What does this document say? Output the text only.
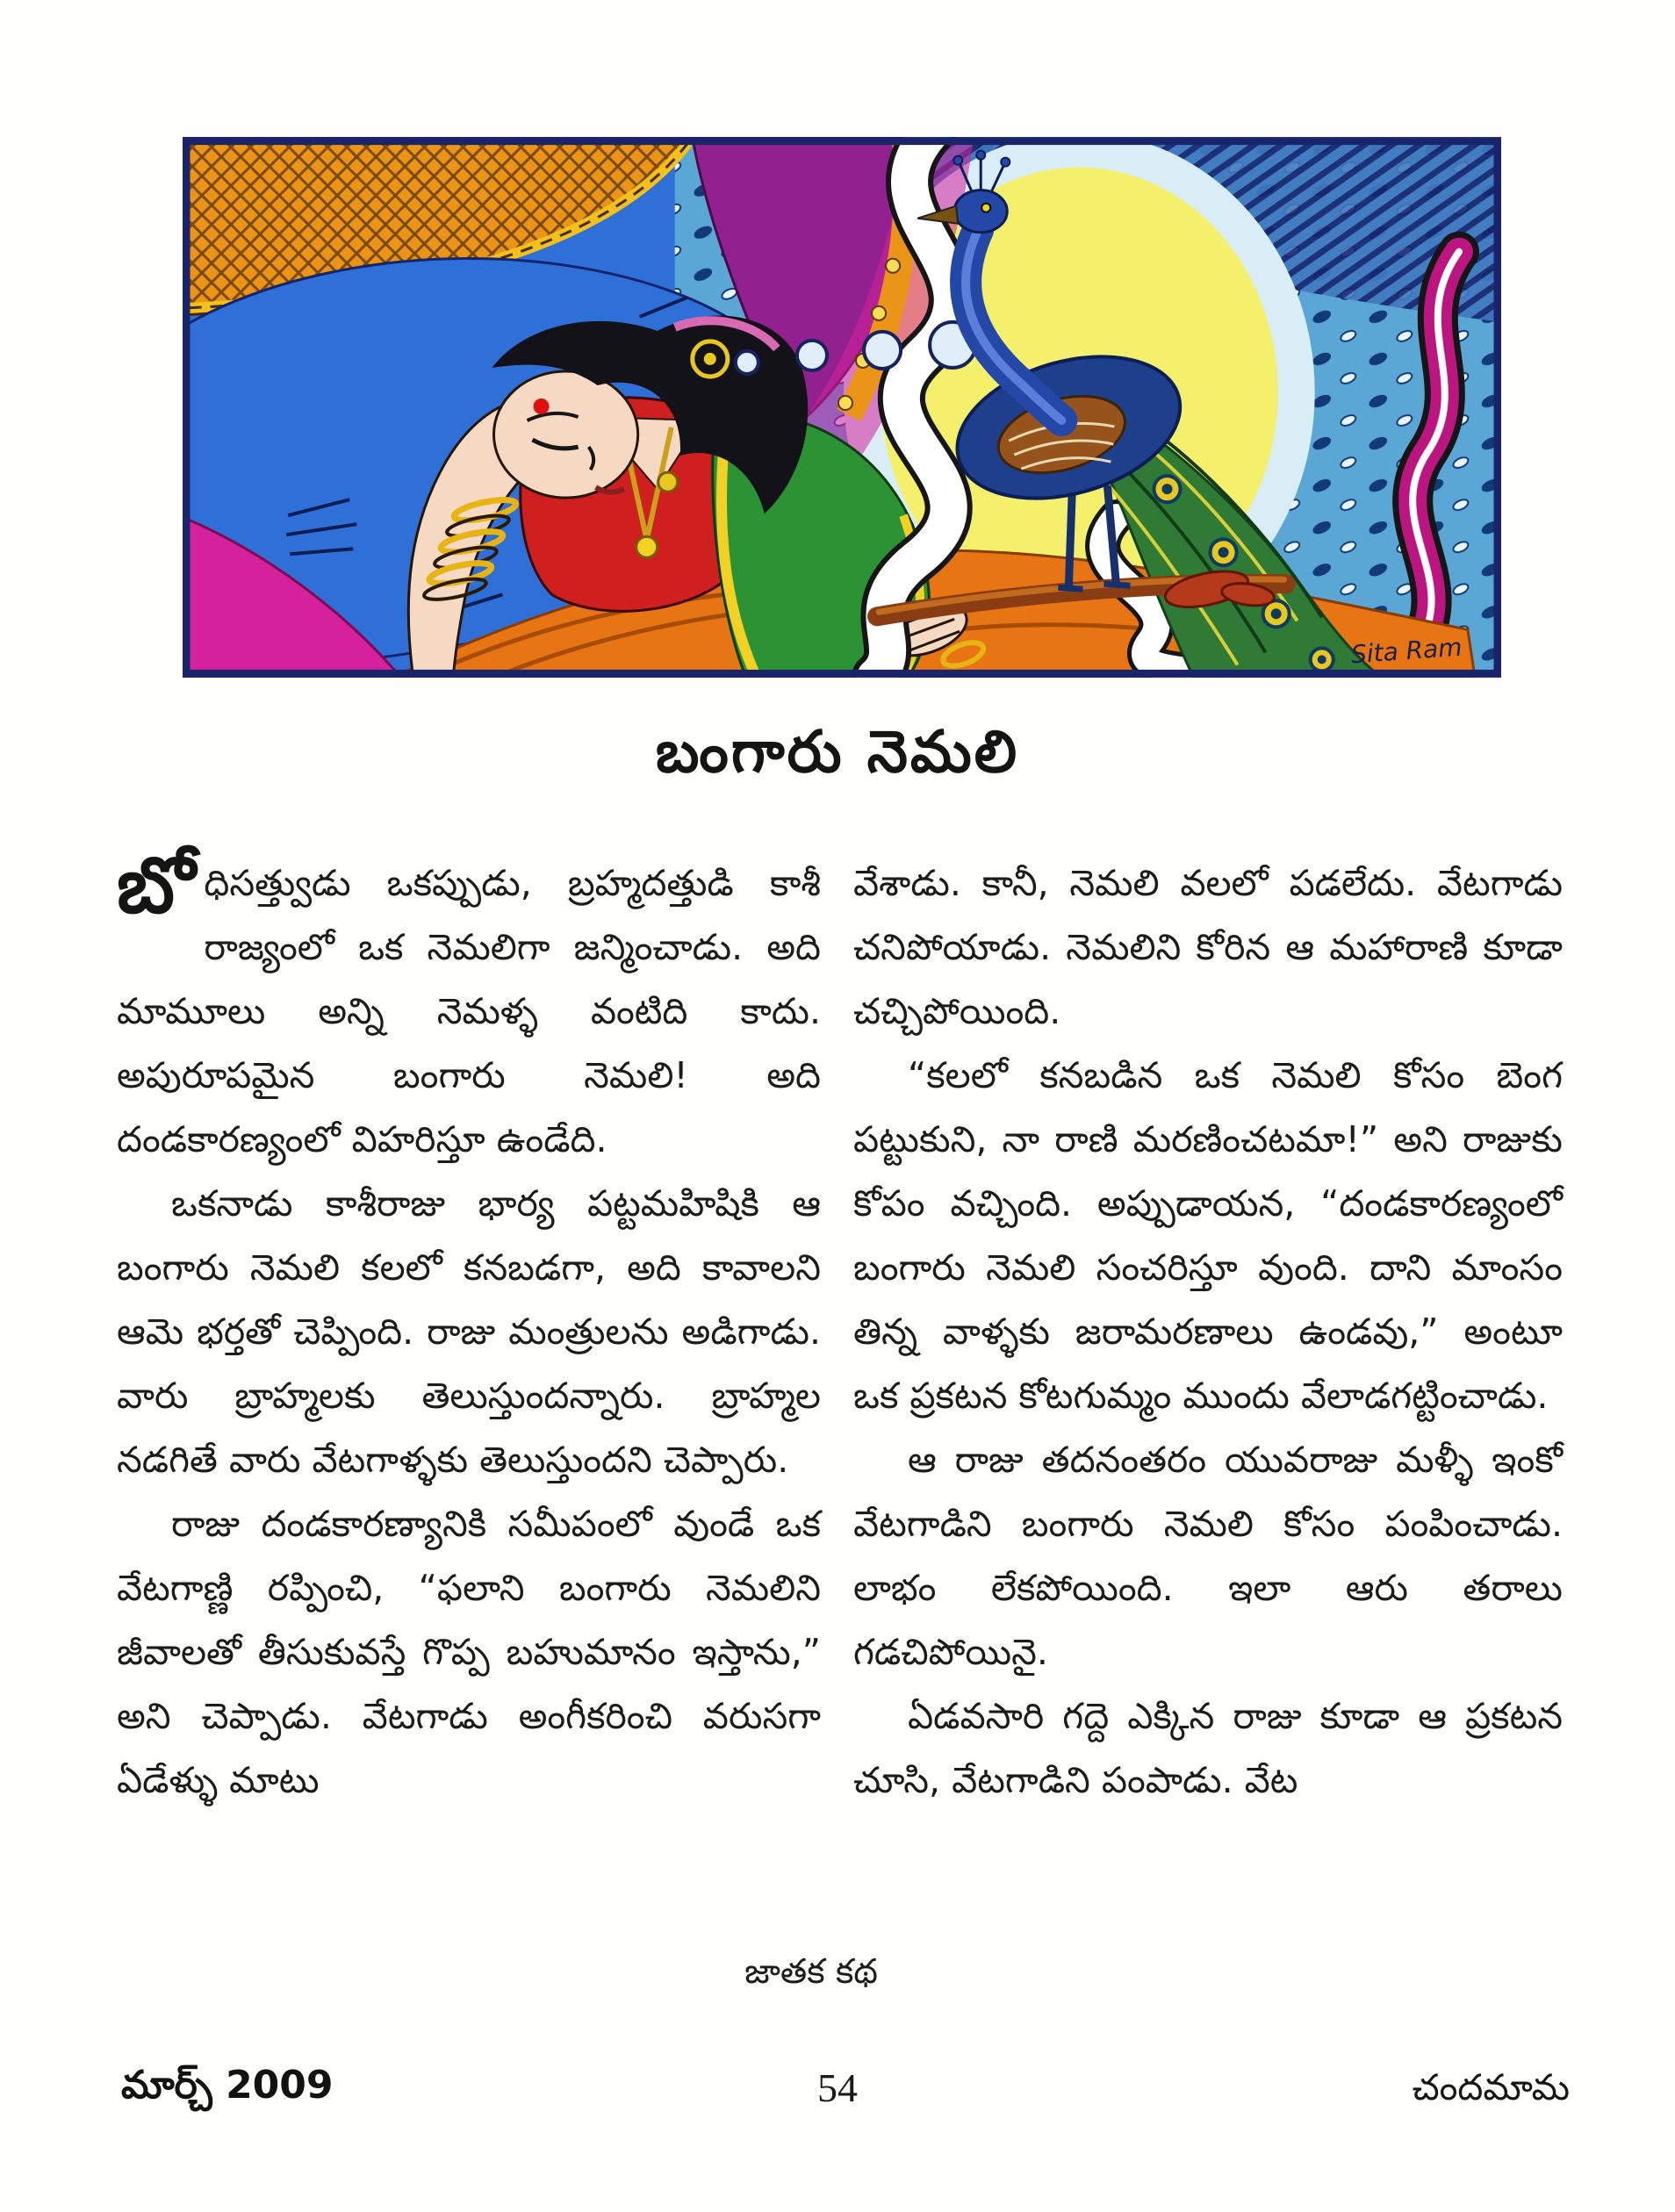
Sita Ram
బంగారు నెమలి

బోధిసత్త్వుడు ఒకప్పుడు, బ్రహ్మదత్తుడి కాశీ రాజ్యంలో ఒక నెమలిగా జన్మించాడు. అది మామూలు అన్ని నెమళ్ళ వంటిది కాదు. అపురూపమైన బంగారు నెమలి! అది దండకారణ్యంలో విహరిస్తూ ఉండేది.

ఒకనాడు కాశీరాజు భార్య పట్టమహిషికి ఆ బంగారు నెమలి కలలో కనబడగా, అది కావాలని ఆమె భర్తతో చెప్పింది. రాజు మంత్రులను అడిగాడు. వారు బ్రాహ్మలకు తెలుస్తుందన్నారు. బ్రాహ్మల నడగితే వారు వేటగాళ్ళకు తెలుస్తుందని చెప్పారు.

రాజు దండకారణ్యానికి సమీపంలో వుండే ఒక వేటగాణ్ణి రప్పించి, “ఫలాని బంగారు నెమలిని జీవాలతో తీసుకువస్తే గొప్ప బహుమానం ఇస్తాను,” అని చెప్పాడు. వేటగాడు అంగీకరించి వరుసగా ఏడేళ్ళు మాటు

వేశాడు. కానీ, నెమలి వలలో పడలేదు. వేటగాడు చనిపోయాడు. నెమలిని కోరిన ఆ మహారాణి కూడా చచ్చిపోయింది.

“కలలో కనబడిన ఒక నెమలి కోసం బెంగ పట్టుకుని, నా రాణి మరణించటమా!” అని రాజుకు కోపం వచ్చింది. అప్పుడాయన, “దండకారణ్యంలో బంగారు నెమలి సంచరిస్తూ వుంది. దాని మాంసం తిన్న వాళ్ళకు జరామరణాలు ఉండవు,” అంటూ ఒక ప్రకటన కోటగుమ్మం ముందు వేలాడగట్టించాడు.

ఆ రాజు తదనంతరం యువరాజు మళ్ళీ ఇంకో వేటగాడిని బంగారు నెమలి కోసం పంపించాడు. లాభం లేకపోయింది. ఇలా ఆరు తరాలు గడచిపోయినై.

ఏడవసారి గద్దె ఎక్కిన రాజు కూడా ఆ ప్రకటన చూసి, వేటగాడిని పంపాడు. వేట

జాతక కథ
మార్చ్ 2009	54	చందమామ
